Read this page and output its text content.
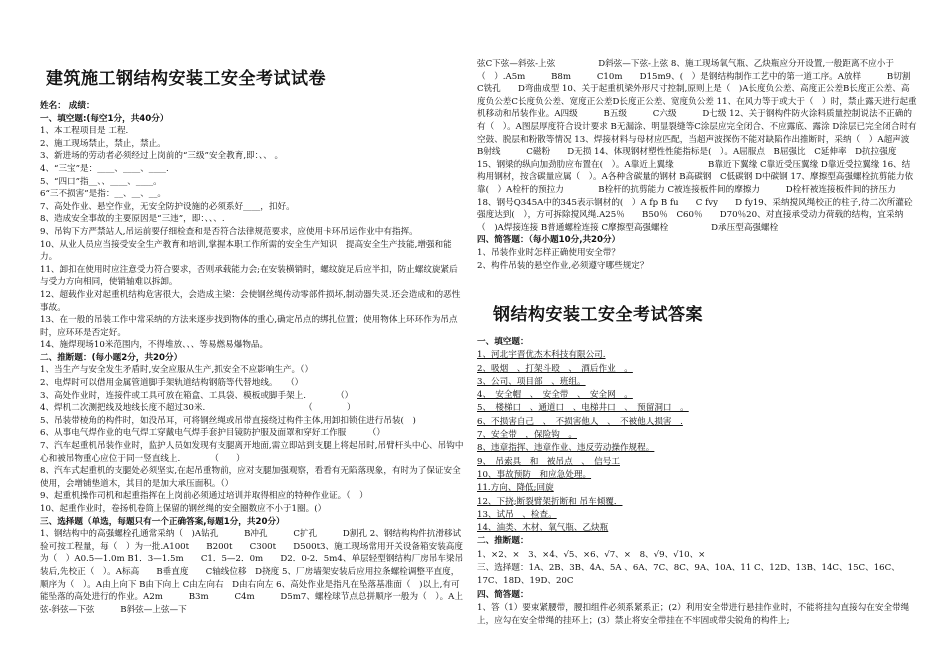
建筑施工钢结构安装工安全考试试卷

姓名： 成绩：

一、填空题:(每空1分，共40分）

1、本工程项目是 工程.

2、施工现场禁止，禁止，禁止。

3、新进场的劳动者必须经过上岗前的“三级”安全教育,即：、、 。

4、“三宝”是：____、____、____.

5、“四口”指__、、____、____。

6“三不损害”是指：__、__、__。

7、高处作业、悬空作业，无安全防护设施的必须系好____，扣好。

8、造成安全事故的主要原因是“三违”，即：、、、.

9、吊钩下方严禁站人,吊运前要仔细检查和是否符合法律规范要求，应使用卡环吊运作业中有指挥。

10、从业人员应当接受安全生产教育和培训,掌握本职工作所需的安全生产知识　提高安全生产技能,增强和能力。

11、卸扣在使用时应注意受力符合要求，否则承载能力会;在安装横销时，螺纹旋足后应半扣，防止螺纹旋紧后与受力方向相同，使销轴难以拆卸。

12、超载作业对起重机结构危害很大，会造成主梁：会使钢丝绳传动零部件损坏,制动器失灵.还会造成和的恶性事故。

13、在一般的吊装工作中常采纳的方法来逐步找到物体的重心,确定吊点的绑扎位置；使用物体上环环作为吊点时，应环环是否定好。

14、施焊现场10米范围内，不得堆放、、、等易燃易爆物品。

二、推断题：(每小题2分，共20分）

1、当生产与安全发生矛盾时,安全应服从生产,抓安全不应影响生产。（）

2、电焊时可以借用金属管道脚手架轨道结构钢筋等代替地线。　　（）

3、高处作业时，连接件或工具可放在箱盒、工具袋、模板或脚手架上.　　　　（）

4、焊机二次测把线及地线长度不超过30米.　　　　　　　　　　　　（　　　　）

5、吊装带棱角的构件时，如没吊耳，可将钢丝绳或吊带直接绕过构件主体,用卸扣锁住进行吊装(　)

6、从事电气焊作业的电气焊工穿戴电气焊手套护目镜防护服及面罩和穿好工作服　　　（）

7、汽车起重机吊装作业时，监护人员如发现有支腿离开地面,需立即站到支腿上将起吊时,吊臂杆头中心、吊钩中心和被吊物重心应位于同一竖直线上.　　　　（　　）

8、汽车式起重机的支腿处必须坚实,在起吊重物前，应对支腿加强观察，看看有无陷落现象，有时为了保证安全使用，会增铺垫道木，其目的是加大承压面积。（）

9、起重机操作司机和起重指挥在上岗前必须通过培训并取得相应的特种作业证。（　）

10、起重作业时，卷扬机卷筒上保留的钢丝绳的安全圈数应不小于1圈。(）

三、选择题（单选，每题只有一个正确答案,每题1分，共20分）

1、钢结构中的高强螺栓孔通常采纳（　)A钻孔　　　B冲孔　　　C扩孔　　　D割孔 2、钢结构构件抗滑移试验可按工程量，每（　）为一批.A100t　　B200t　　C300t　　D500t3、施工现场常用开关设备箱安装高度为（　）A0.5—1.0m B1．3—1.5m　　C1．5—2．0m　　D2．0-2．5m4、单层轻型钢结构厂房吊车梁吊装后,先校正（　）。A标高　　B垂直度　　C轴线位移　D挠度 5、厂房墙架安装后应用拉条螺栓调整平直度，顺序为（　）。A由上向下 B由下向上 C由左向右　D由右向左 6、高处作业是指凡在坠落基准面（　)以上,有可能坠落的高处进行的作业。A2m　　　B3m　　　C4m　　　D5m7、螺栓球节点总拼顺序一般为（　）。A上弦-斜弦—下弦　　　B斜弦—上弦—下

弦C下弦—斜弦-上弦　　　　　D斜弦—下弦-上弦 8、施工现场氧气瓶、乙炔瓶应分开设置,一般距离不应小于（　）.A5m　　　B8m　　　C10m　　D15m9、(　）是钢结构制作工艺中的第一道工序。A放样　　　B切割　　　　C铣孔　　D弯曲成型 10、关于起重机梁外形尺寸控制,原则上是（　)A长度负公差、高度正公差B长度正公差、高度负公差C长度负公差、宽度正公差D长度正公差、宽度负公差 11、在风力等于或大于（　）时，禁止露天进行起重机移动和吊装作业。A四级　　　B五级　　　C六级　　　D七级 12、关于钢构件防火涂料质量控制说法不正确的有（　）。A图层厚度符合设计要求 B无漏涂、明显裂缝等C涂层应完全闭合、不应露底、露涂 D涂层已完全闭合时有空鼓、脱层和粉散等情况 13、焊接材料与母材应匹配，当超声波探伤不能对缺陷作出推断时，采纳（　）A超声波　　B射线　　　C磁粉　　D无损 14、体现钢材塑性性能指标是(　）。A屈服点　B屈强比　C延伸率　D抗拉强度 15、钢梁的纵向加劲肋应布置在(　）。A靠近上翼缘　　　　B靠近下翼缘 C靠近受压翼缘 D靠近受拉翼缘 16、结构用钢材，按含碳量应属（　）。A各种含碳量的钢材 B高碳钢　C低碳钢 D中碳钢 17、摩擦型高强螺栓抗剪能力依靠(　）A栓杆的预拉力　　　　B栓杆的抗剪能力 C被连接板件间的摩擦力　　　D栓杆被连接板件间的挤压力 18、钢号Q345A中的345表示钢材的(　）A fp B fu　　C fvy　　D fy19、采纳搅风绳校正的柱子,待二次所灌砼强度达到(　），方可拆除搅风绳.A25％　　B50％　C60％　　D70％20、对直接承受动力荷载的结构，宜采纳（　)A焊接连接 B普通螺栓连接 C摩擦型高强螺栓　　　　　D承压型高强螺栓

四、简答题：（每小题10分,共20分）

1、吊装作业时怎样正确使用安全带？

2、构件吊装的悬空作业,必须遵守哪些规定？

钢结构安装工安全考试答案

一、填空题：

1、河北宇晋优杰木科技有限公司.

2、吸烟　、打架斗殴　、　酒后作业　。

3、公司、项目部　、班组。

4、　安全帽　、　安全带　、　安全网　。

5、　楼梯口　、通道口　、电梯井口　、　预留洞口　。

6、不损害自己　、　不损害他人　、　不被他人损害　.

7、安全带　，保险钩　。

8、违章指挥、违章作业、违反劳动操作规程。

9、　吊索具　和　被吊点　、　信号工

10、事故预防　和应急处理。

11.方向、降低;回旋

12、下挠;断裂臂架折断和 吊车倾覆．

13、试吊　、检查。

14、油类、木材、氧气瓶、乙炔瓶

二、推断题：

1、×2、×　3、×4、√5、×6、√7、×　8、√9、√10、×

三、选择题：1A、2B、3B、4A、5A 、6A、7C、8C、9A、10A、11 C、12D、13B、14C、15C、16C、17C、18D、19D、20C

四、简答题：

1、答（1）要束紧腰带，腰扣组件必须系紧系正；(2）利用安全带进行悬挂作业时，不能将挂勾直接勾在安全带绳上，应勾在安全带绳的挂环上；(3）禁止将安全带挂在不牢固或带尖锐角的构件上;
